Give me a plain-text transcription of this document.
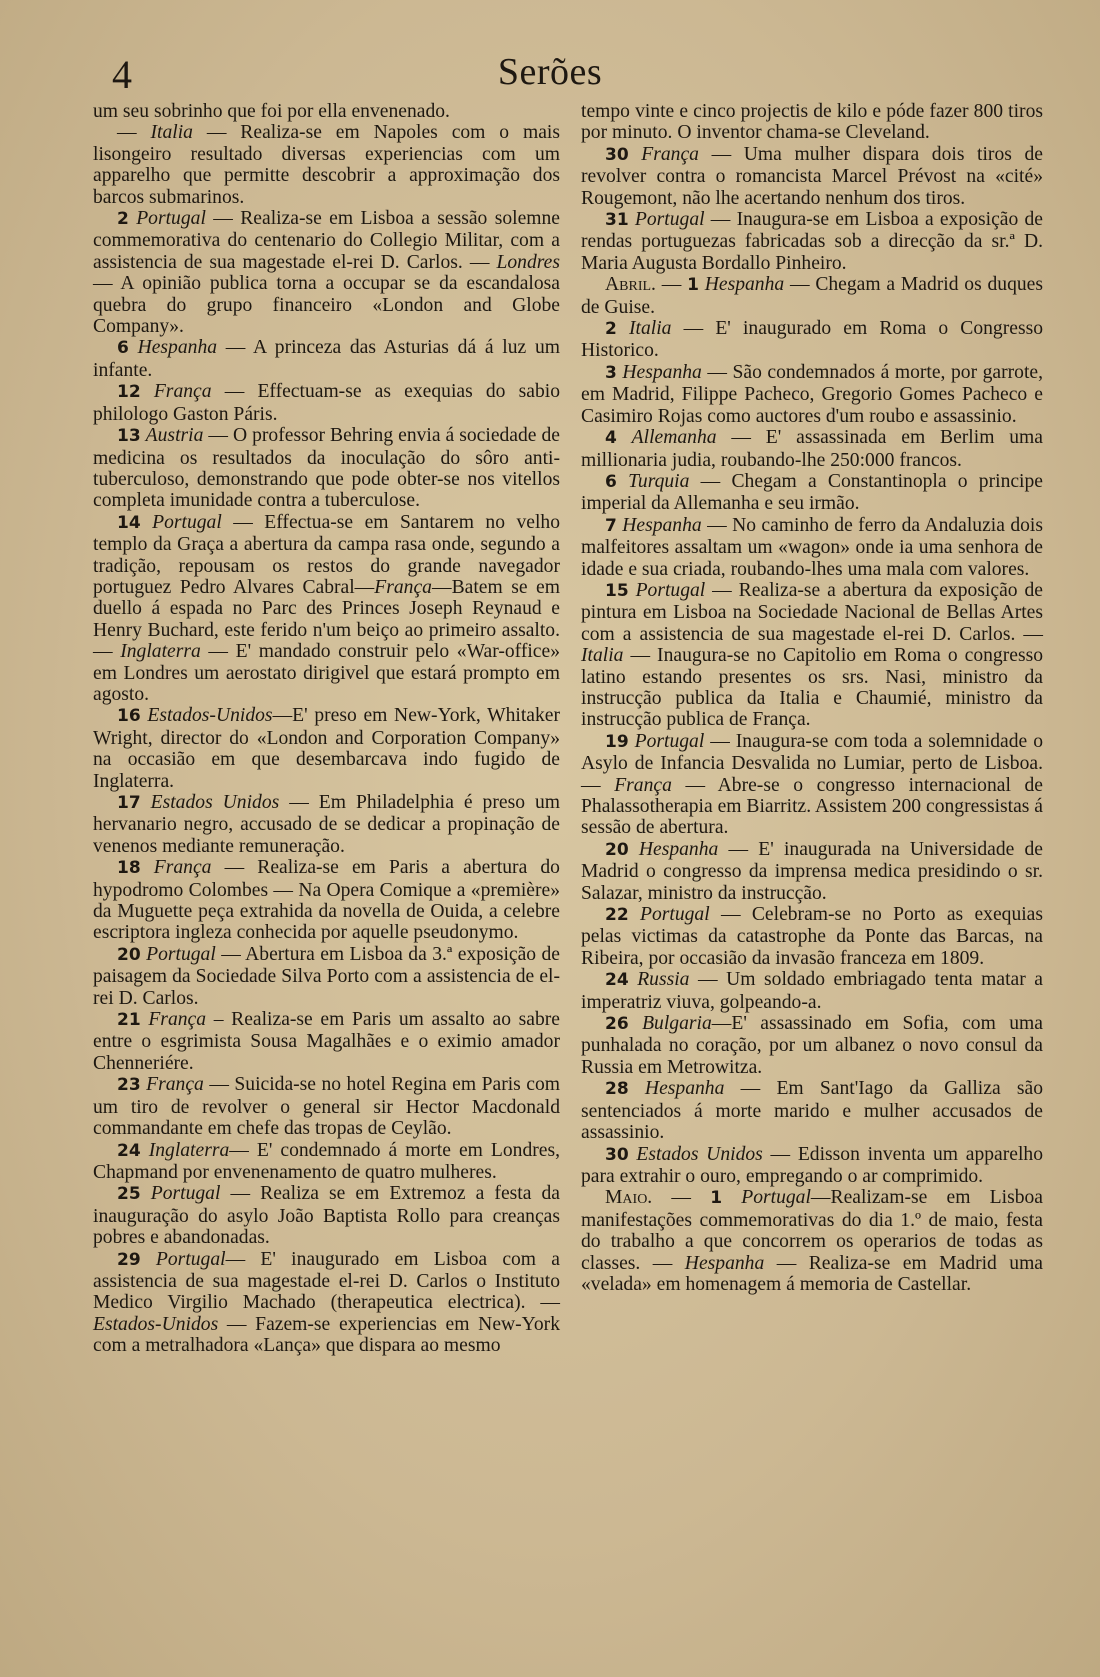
4	Serões

um seu sobrinho que foi por ella envenenado.

— Italia — Realiza-se em Napoles com o mais lisongeiro resultado diversas experiencias com um apparelho que permitte descobrir a approximação dos barcos submarinos.

2 Portugal — Realiza-se em Lisboa a sessão solemne commemorativa do centenario do Collegio Militar, com a assistencia de sua magestade el-rei D. Carlos. — Londres — A opinião publica torna a occupar se da escandalosa quebra do grupo financeiro «London and Globe Company».

6 Hespanha — A princeza das Asturias dá á luz um infante.

12 França — Effectuam-se as exequias do sabio philologo Gaston Páris.

13 Austria — O professor Behring envia á sociedade de medicina os resultados da inoculação do sôro anti-tuberculoso, demonstrando que pode obter-se nos vitellos completa imunidade contra a tuberculose.

14 Portugal — Effectua-se em Santarem no velho templo da Graça a abertura da campa rasa onde, segundo a tradição, repousam os restos do grande navegador portuguez Pedro Alvares Cabral—França—Batem se em duello á espada no Parc des Princes Joseph Reynaud e Henry Buchard, este ferido n'um beiço ao primeiro assalto. — Inglaterra — E' mandado construir pelo «War-office» em Londres um aerostato dirigivel que estará prompto em agosto.

16 Estados-Unidos—E' preso em New-York, Whitaker Wright, director do «London and Corporation Company» na occasião em que desembarcava indo fugido de Inglaterra.

17 Estados Unidos — Em Philadelphia é preso um hervanario negro, accusado de se dedicar a propinação de venenos mediante remuneração.

18 França — Realiza-se em Paris a abertura do hypodromo Colombes — Na Opera Comique a «première» da Muguette peça extrahida da novella de Ouida, a celebre escriptora ingleza conhecida por aquelle pseudonymo.

20 Portugal — Abertura em Lisboa da 3.ª exposição de paisagem da Sociedade Silva Porto com a assistencia de el-rei D. Carlos.

21 França – Realiza-se em Paris um assalto ao sabre entre o esgrimista Sousa Magalhães e o eximio amador Chenneriére.

23 França — Suicida-se no hotel Regina em Paris com um tiro de revolver o general sir Hector Macdonald commandante em chefe das tropas de Ceylão.

24 Inglaterra— E' condemnado á morte em Londres, Chapmand por envenenamento de quatro mulheres.

25 Portugal — Realiza se em Extremoz a festa da inauguração do asylo João Baptista Rollo para creanças pobres e abandonadas.

29 Portugal— E' inaugurado em Lisboa com a assistencia de sua magestade el-rei D. Carlos o Instituto Medico Virgilio Machado (therapeutica electrica). — Estados-Unidos — Fazem-se experiencias em New-York com a metralhadora «Lança» que dispara ao mesmo

tempo vinte e cinco projectis de kilo e póde fazer 800 tiros por minuto. O inventor chama-se Cleveland.

30 França — Uma mulher dispara dois tiros de revolver contra o romancista Marcel Prévost na «cité» Rougemont, não lhe acertando nenhum dos tiros.

31 Portugal — Inaugura-se em Lisboa a exposição de rendas portuguezas fabricadas sob a direcção da sr.ª D. Maria Augusta Bordallo Pinheiro.

Abril. — 1 Hespanha — Chegam a Madrid os duques de Guise.

2 Italia — E' inaugurado em Roma o Congresso Historico.

3 Hespanha — São condemnados á morte, por garrote, em Madrid, Filippe Pacheco, Gregorio Gomes Pacheco e Casimiro Rojas como auctores d'um roubo e assassinio.

4 Allemanha — E' assassinada em Berlim uma millionaria judia, roubando-lhe 250:000 francos.

6 Turquia — Chegam a Constantinopla o principe imperial da Allemanha e seu irmão.

7 Hespanha — No caminho de ferro da Andaluzia dois malfeitores assaltam um «wagon» onde ia uma senhora de idade e sua criada, roubando-lhes uma mala com valores.

15 Portugal — Realiza-se a abertura da exposição de pintura em Lisboa na Sociedade Nacional de Bellas Artes com a assistencia de sua magestade el-rei D. Carlos. — Italia — Inaugura-se no Capitolio em Roma o congresso latino estando presentes os srs. Nasi, ministro da instrucção publica da Italia e Chaumié, ministro da instrucção publica de França.

19 Portugal — Inaugura-se com toda a solemnidade o Asylo de Infancia Desvalida no Lumiar, perto de Lisboa. — França — Abre-se o congresso internacional de Phalassotherapia em Biarritz. Assistem 200 congressistas á sessão de abertura.

20 Hespanha — E' inaugurada na Universidade de Madrid o congresso da imprensa medica presidindo o sr. Salazar, ministro da instrucção.

22 Portugal — Celebram-se no Porto as exequias pelas victimas da catastrophe da Ponte das Barcas, na Ribeira, por occasião da invasão franceza em 1809.

24 Russia — Um soldado embriagado tenta matar a imperatriz viuva, golpeando-a.

26 Bulgaria—E' assassinado em Sofia, com uma punhalada no coração, por um albanez o novo consul da Russia em Metrowitza.

28 Hespanha — Em Sant'Iago da Galliza são sentenciados á morte marido e mulher accusados de assassinio.

30 Estados Unidos — Edisson inventa um apparelho para extrahir o ouro, empregando o ar comprimido.

Maio. — 1 Portugal—Realizam-se em Lisboa manifestações commemorativas do dia 1.º de maio, festa do trabalho a que concorrem os operarios de todas as classes. — Hespanha — Realiza-se em Madrid uma «velada» em homenagem á memoria de Castellar.
